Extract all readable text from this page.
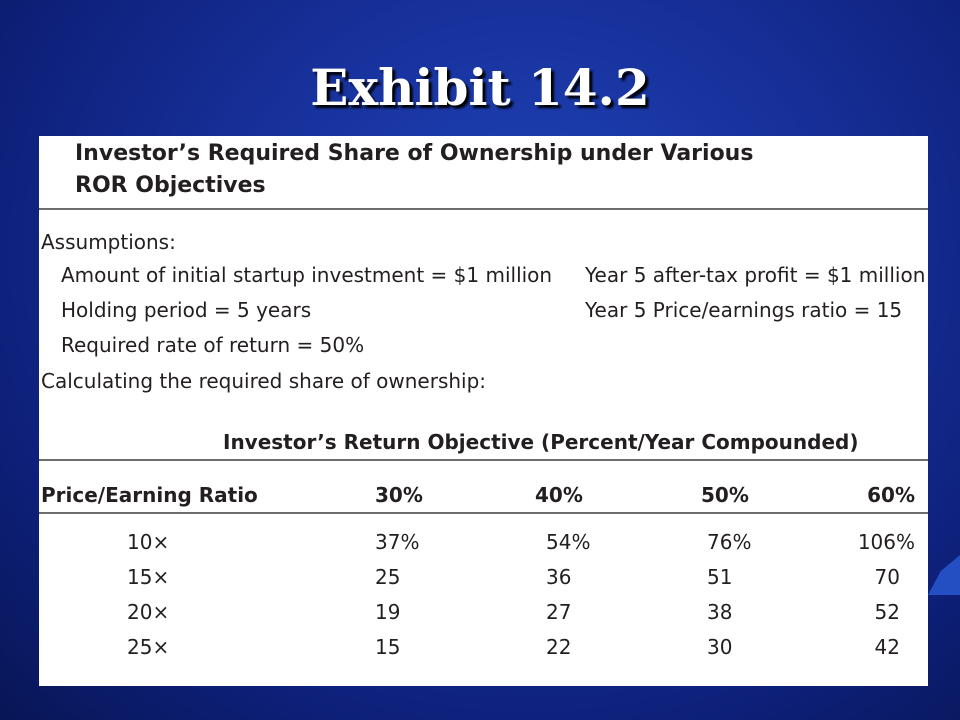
Exhibit 14.2
Investor’s Required Share of Ownership under Various
ROR Objectives
Assumptions:
Amount of initial startup investment = $1 million Year 5 after-tax profit = $1 million
Holding period = 5 years	Year 5 Price/earnings ratio = 15
Required rate of return = 50%
Calculating the required share of ownership:
Investor’s Return Objective (Percent/Year Compounded)
Price/Earning Ratio	30%	40%	50%	60%
10×	37%	54%	76%	106%
15×	25	36	51	70
20×	19	27	38	52
25×	15	22	30	42
